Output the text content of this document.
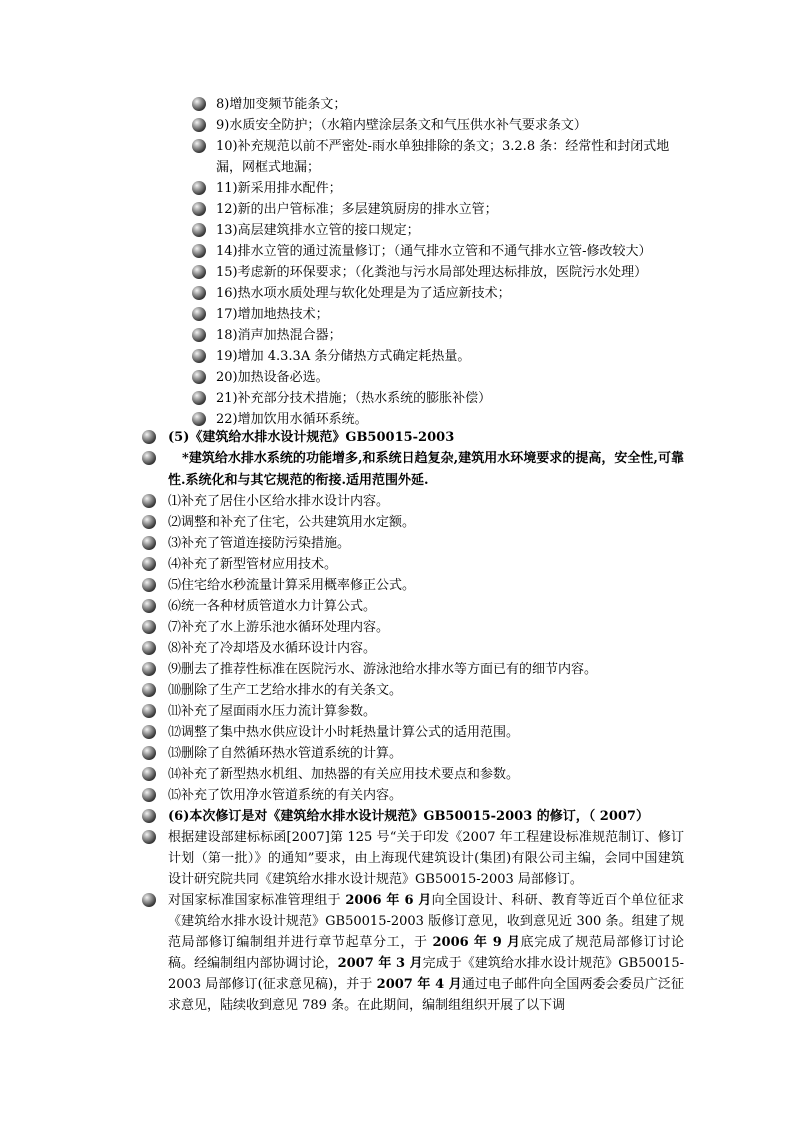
8)增加变频节能条文；
9)水质安全防护；（水箱内壁涂层条文和气压供水补气要求条文）
10)补充规范以前不严密处-雨水单独排除的条文；3.2.8 条：经常性和封闭式地漏，网框式地漏；
11)新采用排水配件；
12)新的出户管标准；多层建筑厨房的排水立管；
13)高层建筑排水立管的接口规定；
14)排水立管的通过流量修订；（通气排水立管和不通气排水立管-修改较大）
15)考虑新的环保要求；（化粪池与污水局部处理达标排放，医院污水处理）
16)热水项水质处理与软化处理是为了适应新技术；
17)增加地热技术；
18)消声加热混合器；
19)增加 4.3.3A 条分储热方式确定耗热量。
20)加热设备必选。
21)补充部分技术措施；（热水系统的膨胀补偿）
22)增加饮用水循环系统。
(5)《建筑给水排水设计规范》GB50015-2003
*建筑给水排水系统的功能增多,和系统日趋复杂,建筑用水环境要求的提高，安全性,可靠性.系统化和与其它规范的衔接.适用范围外延.
⑴补充了居住小区给水排水设计内容。
⑵调整和补充了住宅，公共建筑用水定额。
⑶补充了管道连接防污染措施。
⑷补充了新型管材应用技术。
⑸住宅给水秒流量计算采用概率修正公式。
⑹统一各种材质管道水力计算公式。
⑺补充了水上游乐池水循环处理内容。
⑻补充了冷却塔及水循环设计内容。
⑼删去了推荐性标准在医院污水、游泳池给水排水等方面已有的细节内容。
⑽删除了生产工艺给水排水的有关条文。
⑾补充了屋面雨水压力流计算参数。
⑿调整了集中热水供应设计小时耗热量计算公式的适用范围。
⒀删除了自然循环热水管道系统的计算。
⒁补充了新型热水机组、加热器的有关应用技术要点和参数。
⒂补充了饮用净水管道系统的有关内容。
(6)本次修订是对《建筑给水排水设计规范》GB50015-2003 的修订，（ 2007）
根据建设部建标标函[2007]第 125 号“关于印发《2007 年工程建设标准规范制订、修订计划（第一批）》的通知”要求，由上海现代建筑设计(集团)有限公司主编，会同中国建筑设计研究院共同《建筑给水排水设计规范》GB50015-2003 局部修订。
对国家标准国家标准管理组于 2006 年 6 月向全国设计、科研、教育等近百个单位征求《建筑给水排水设计规范》GB50015-2003 版修订意见，收到意见近 300 条。组建了规范局部修订编制组并进行章节起草分工，于 2006 年 9 月底完成了规范局部修订讨论稿。经编制组内部协调讨论，2007 年 3 月完成于《建筑给水排水设计规范》GB50015-2003 局部修订(征求意见稿)，并于 2007 年 4 月通过电子邮件向全国两委会委员广泛征求意见，陆续收到意见 789 条。在此期间，编制组组织开展了以下调
